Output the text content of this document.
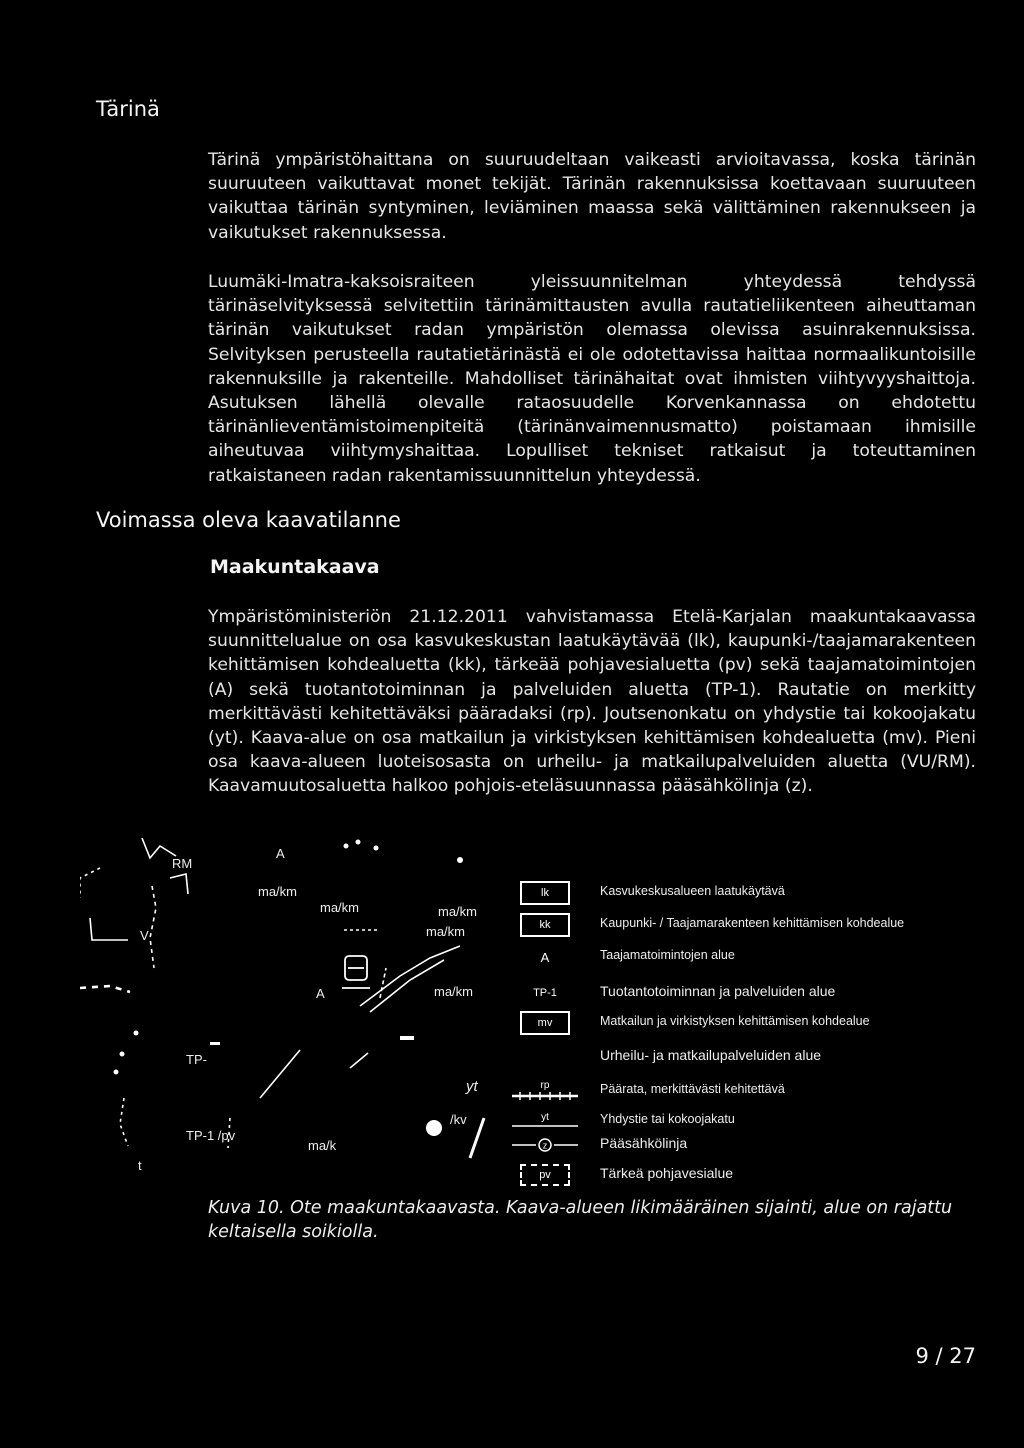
Tärinä

Tärinä ympäristöhaittana on suuruudeltaan vaikeasti arvioitavassa, koska tärinän suuruuteen vaikuttavat monet tekijät. Tärinän rakennuksissa koettavaan suuruuteen vaikuttaa tärinän syntyminen, leviäminen maassa sekä välittäminen rakennukseen ja vaikutukset rakennuksessa.

Luumäki-Imatra-kaksoisraiteen yleissuunnitelman yhteydessä tehdyssä tärinäselvityksessä selvitettiin tärinämittausten avulla rautatieliikenteen aiheuttaman tärinän vaikutukset radan ympäristön olemassa olevissa asuinrakennuksissa. Selvityksen perusteella rautatietärinästä ei ole odotettavissa haittaa normaalikuntoisille rakennuksille ja rakenteille. Mahdolliset tärinähaitat ovat ihmisten viihtyvyyshaittoja. Asutuksen lähellä olevalle rataosuudelle Korvenkannassa on ehdotettu tärinänlieventämistoimenpiteitä (tärinänvaimennusmatto) poistamaan ihmisille aiheutuvaa viihtymyshaittaa. Lopulliset tekniset ratkaisut ja toteuttaminen ratkaistaneen radan rakentamissuunnittelun yhteydessä.

Voimassa oleva kaavatilanne
Maakuntakaava

Ympäristöministeriön 21.12.2011 vahvistamassa Etelä-Karjalan maakuntakaavassa suunnittelualue on osa kasvukeskustan laatukäytävää (lk), kaupunki-/taajamarakenteen kehittämisen kohdealuetta (kk), tärkeää pohjavesialuetta (pv) sekä taajamatoimintojen (A) sekä tuotantotoiminnan ja palveluiden aluetta (TP-1). Rautatie on merkitty merkittävästi kehitettäväksi pääradaksi (rp). Joutsenonkatu on yhdystie tai kokoojakatu (yt). Kaava-alue on osa matkailun ja virkistyksen kehittämisen kohdealuetta (mv). Pieni osa kaava-alueen luoteisosasta on urheilu- ja matkailupalveluiden aluetta (VU/RM). Kaavamuutosaluetta halkoo pohjois-eteläsuunnassa pääsähkölinja (z).

RM
A
ma/km
ma/km	ma/km
ma/km
ma/km
A
V
TP-
TP-1 /pv
ma/k
yt
/kv
t
lk	Kasvukeskusalueen laatukäytävä
kk	Kaupunki- / Taajamarakenteen kehittämisen kohdealue
A	Taajamatoimintojen alue
TP-1	Tuotantotoiminnan ja palveluiden alue
mv	Matkailun ja virkistyksen kehittämisen kohdealue
Urheilu- ja matkailupalveluiden alue
rp	Päärata, merkittävästi kehitettävä
yt	Yhdystie tai kokoojakatu
z	Pääsähkölinja
pv	Tärkeä pohjavesialue

Kuva 10. Ote maakuntakaavasta. Kaava-alueen likimääräinen sijainti, alue on rajattu keltaisella soikiolla.

9 / 27
